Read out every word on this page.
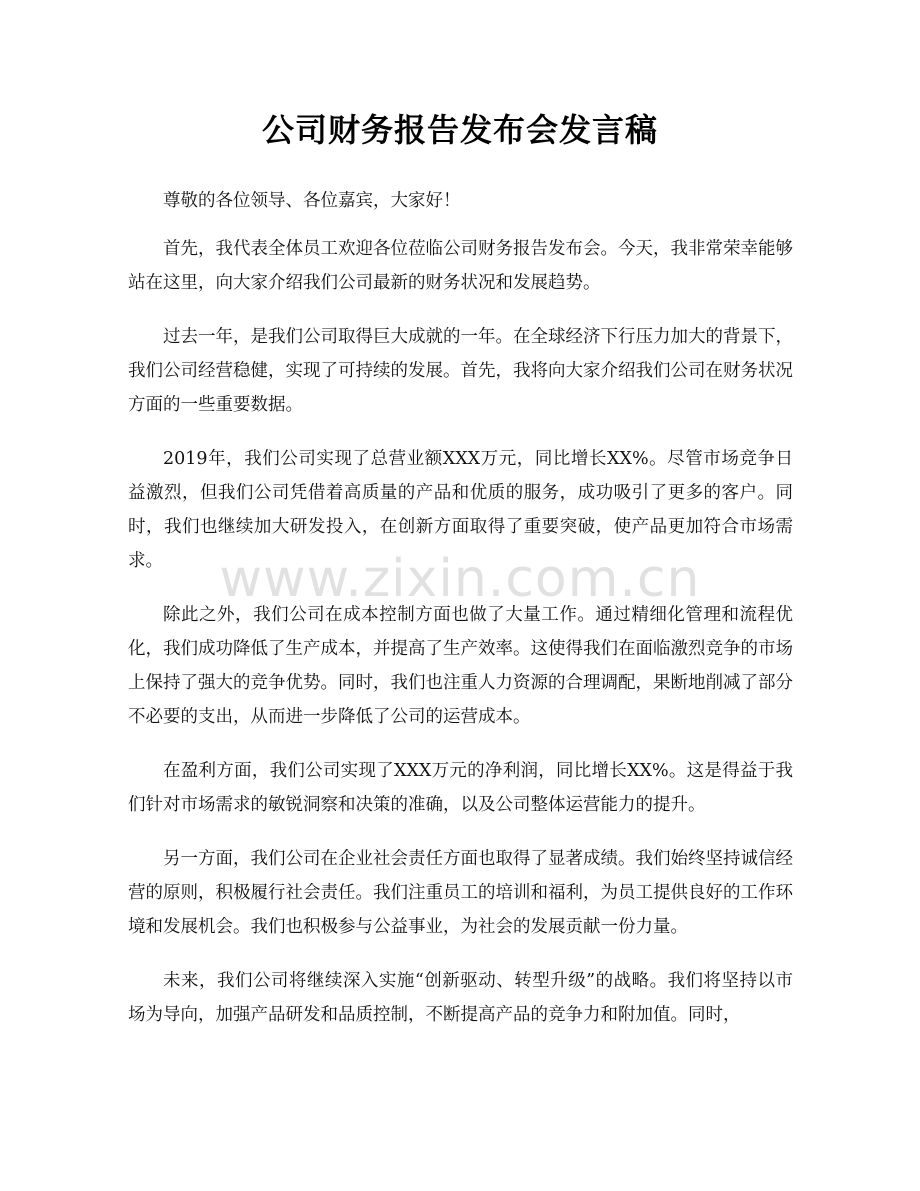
公司财务报告发布会发言稿

尊敬的各位领导、各位嘉宾，大家好！

首先，我代表全体员工欢迎各位莅临公司财务报告发布会。今天，我非常荣幸能够站在这里，向大家介绍我们公司最新的财务状况和发展趋势。

过去一年，是我们公司取得巨大成就的一年。在全球经济下行压力加大的背景下，我们公司经营稳健，实现了可持续的发展。首先，我将向大家介绍我们公司在财务状况方面的一些重要数据。

2019年，我们公司实现了总营业额XXX万元，同比增长XX%。尽管市场竞争日益激烈，但我们公司凭借着高质量的产品和优质的服务，成功吸引了更多的客户。同时，我们也继续加大研发投入，在创新方面取得了重要突破，使产品更加符合市场需求。

除此之外，我们公司在成本控制方面也做了大量工作。通过精细化管理和流程优化，我们成功降低了生产成本，并提高了生产效率。这使得我们在面临激烈竞争的市场上保持了强大的竞争优势。同时，我们也注重人力资源的合理调配，果断地削减了部分不必要的支出，从而进一步降低了公司的运营成本。

在盈利方面，我们公司实现了XXX万元的净利润，同比增长XX%。这是得益于我们针对市场需求的敏锐洞察和决策的准确，以及公司整体运营能力的提升。

另一方面，我们公司在企业社会责任方面也取得了显著成绩。我们始终坚持诚信经营的原则，积极履行社会责任。我们注重员工的培训和福利，为员工提供良好的工作环境和发展机会。我们也积极参与公益事业，为社会的发展贡献一份力量。

未来，我们公司将继续深入实施“创新驱动、转型升级”的战略。我们将坚持以市场为导向，加强产品研发和品质控制，不断提高产品的竞争力和附加值。同时，

www.zixin.com.cn
